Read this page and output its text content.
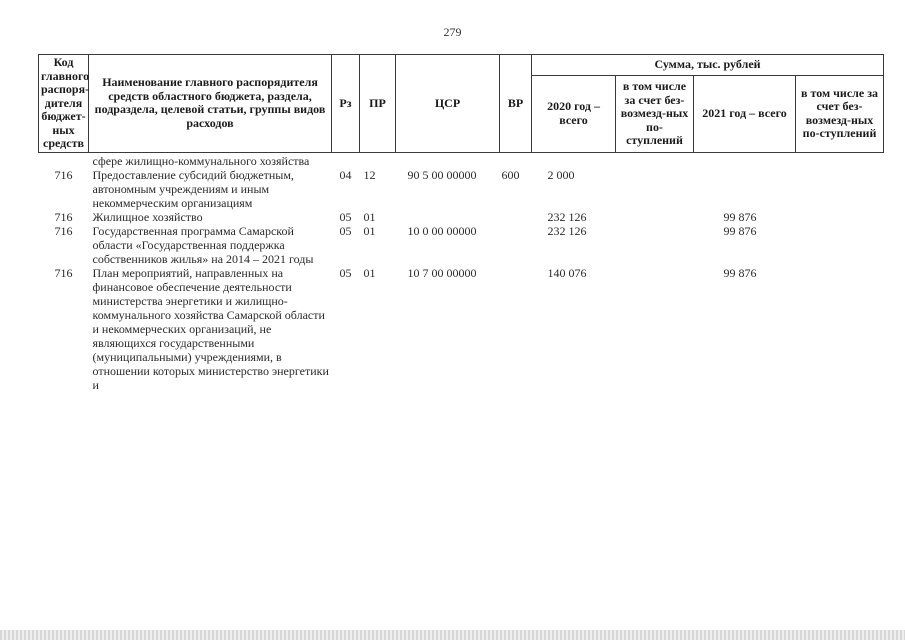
279
Код главного распоря-дителя бюджет-ных средств	Наименование главного распорядителя средств областного бюджета, раздела, подраздела, целевой статьи, группы видов расходов	Рз	ПР	ЦСР	ВР	Сумма, тыс. рублей			
						2020 год – всего	в том числе за счет без-возмезд-ных по-ступлений	2021 год – всего	в том числе за счет без-возмезд-ных по-ступлений
	сфере жилищно-коммунального хозяйства								
716	Предоставление субсидий бюджетным, автономным учреждениям и иным некоммерческим организациям	04	12	90 5 00 00000	600	2 000			
716	Жилищное хозяйство	05	01			232 126		99 876	
716	Государственная программа Самарской области «Государственная поддержка собственников жилья» на 2014 – 2021 годы	05	01	10 0 00 00000		232 126		99 876	
716	План мероприятий, направленных на финансовое обеспечение деятельности министерства энергетики и жилищно-коммунального хозяйства Самарской области и некоммерческих организаций, не являющихся государственными (муниципальными) учреждениями, в отношении которых министерство энергетики и	05	01	10 7 00 00000		140 076		99 876	
